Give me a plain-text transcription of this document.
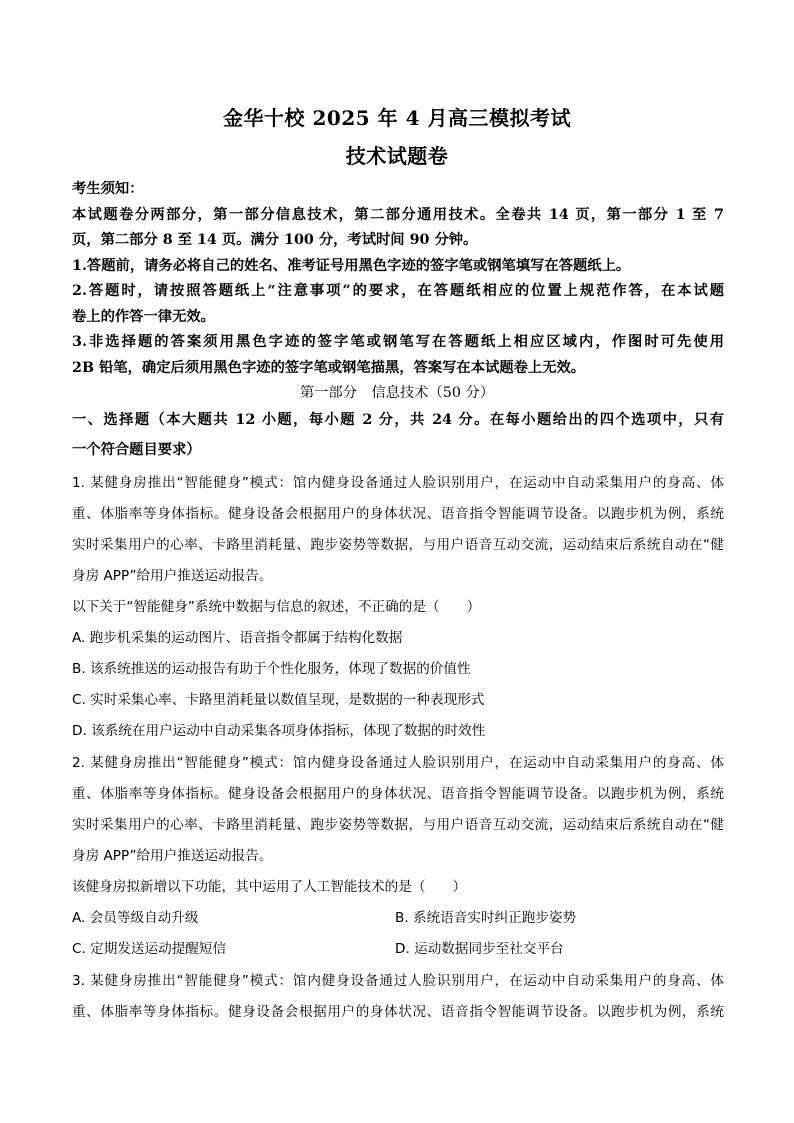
金华十校 2025 年 4 月高三模拟考试
技术试题卷
考生须知：
本试题卷分两部分，第一部分信息技术，第二部分通用技术。全卷共 14 页，第一部分 1 至 7
页，第二部分 8 至 14 页。满分 100 分，考试时间 90 分钟。
1.答题前，请务必将自己的姓名、准考证号用黑色字迹的签字笔或钢笔填写在答题纸上。
2.答题时，请按照答题纸上“注意事项”的要求，在答题纸相应的位置上规范作答，在本试题
卷上的作答一律无效。
3.非选择题的答案须用黑色字迹的签字笔或钢笔写在答题纸上相应区域内，作图时可先使用
2B 铅笔，确定后须用黑色字迹的签字笔或钢笔描黑，答案写在本试题卷上无效。
第一部分　信息技术（50 分）
一、选择题（本大题共 12 小题，每小题 2 分，共 24 分。在每小题给出的四个选项中，只有
一个符合题目要求）
1. 某健身房推出“智能健身”模式：馆内健身设备通过人脸识别用户，在运动中自动采集用户的身高、体
重、体脂率等身体指标。健身设备会根据用户的身体状况、语音指令智能调节设备。以跑步机为例，系统
实时采集用户的心率、卡路里消耗量、跑步姿势等数据，与用户语音互动交流，运动结束后系统自动在“健
身房 APP”给用户推送运动报告。
以下关于“智能健身”系统中数据与信息的叙述，不正确的是（　　）
A. 跑步机采集的运动图片、语音指令都属于结构化数据
B. 该系统推送的运动报告有助于个性化服务，体现了数据的价值性
C. 实时采集心率、卡路里消耗量以数值呈现，是数据的一种表现形式
D. 该系统在用户运动中自动采集各项身体指标，体现了数据的时效性
2. 某健身房推出“智能健身”模式：馆内健身设备通过人脸识别用户，在运动中自动采集用户的身高、体
重、体脂率等身体指标。健身设备会根据用户的身体状况、语音指令智能调节设备。以跑步机为例，系统
实时采集用户的心率、卡路里消耗量、跑步姿势等数据，与用户语音互动交流，运动结束后系统自动在“健
身房 APP”给用户推送运动报告。
该健身房拟新增以下功能，其中运用了人工智能技术的是（　　）
A. 会员等级自动升级	B. 系统语音实时纠正跑步姿势
C. 定期发送运动提醒短信	D. 运动数据同步至社交平台
3. 某健身房推出“智能健身”模式：馆内健身设备通过人脸识别用户，在运动中自动采集用户的身高、体
重、体脂率等身体指标。健身设备会根据用户的身体状况、语音指令智能调节设备。以跑步机为例，系统
